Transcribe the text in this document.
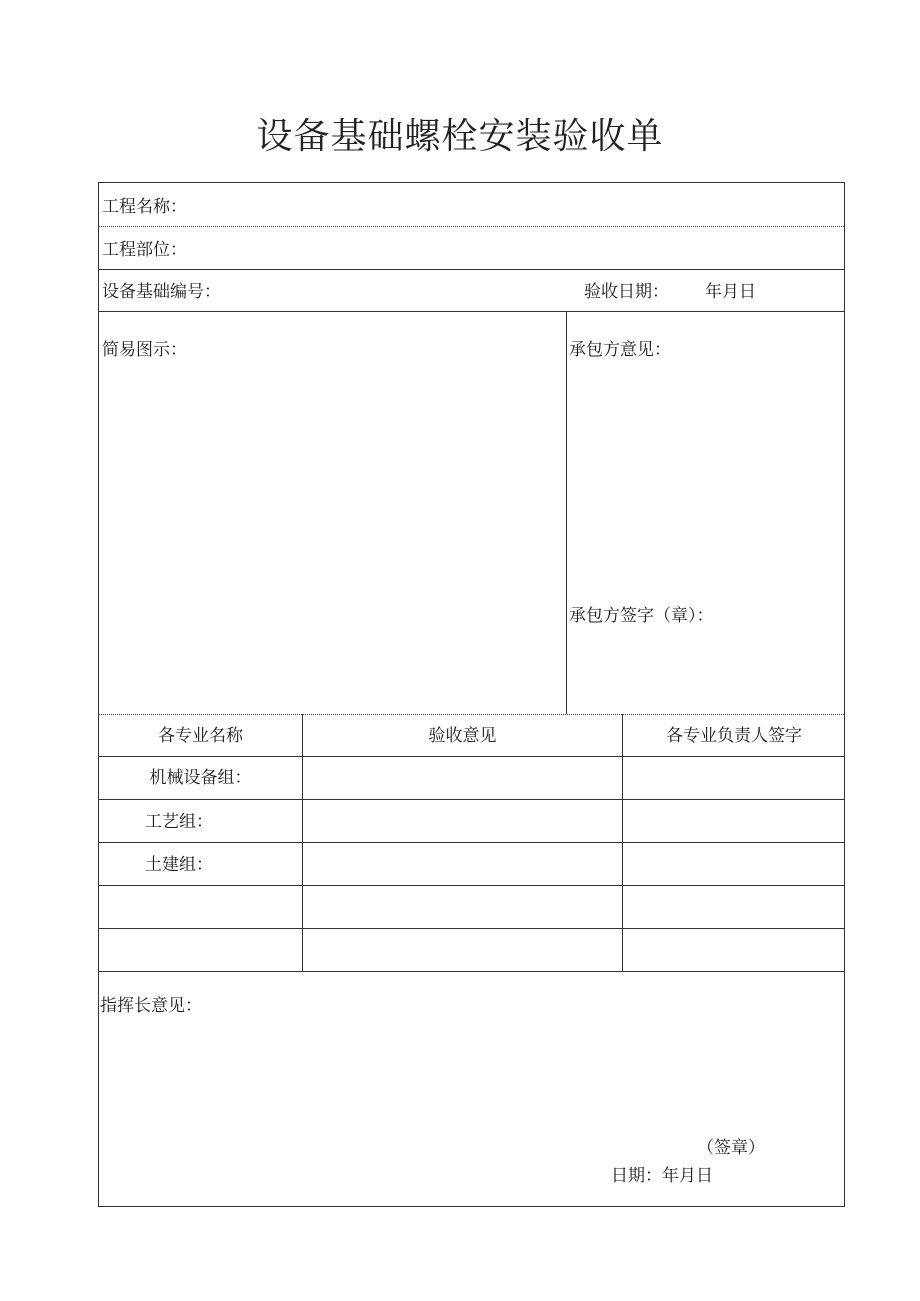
设备基础螺栓安装验收单
工程名称：
工程部位：
设备基础编号：	验收日期： 年月日
简易图示：	承包方意见：
承包方签字（章）：
各专业名称	验收意见	各专业负责人签字
机械设备组：
工艺组：
土建组：
指挥长意见：
（签章）
日期：年月日
